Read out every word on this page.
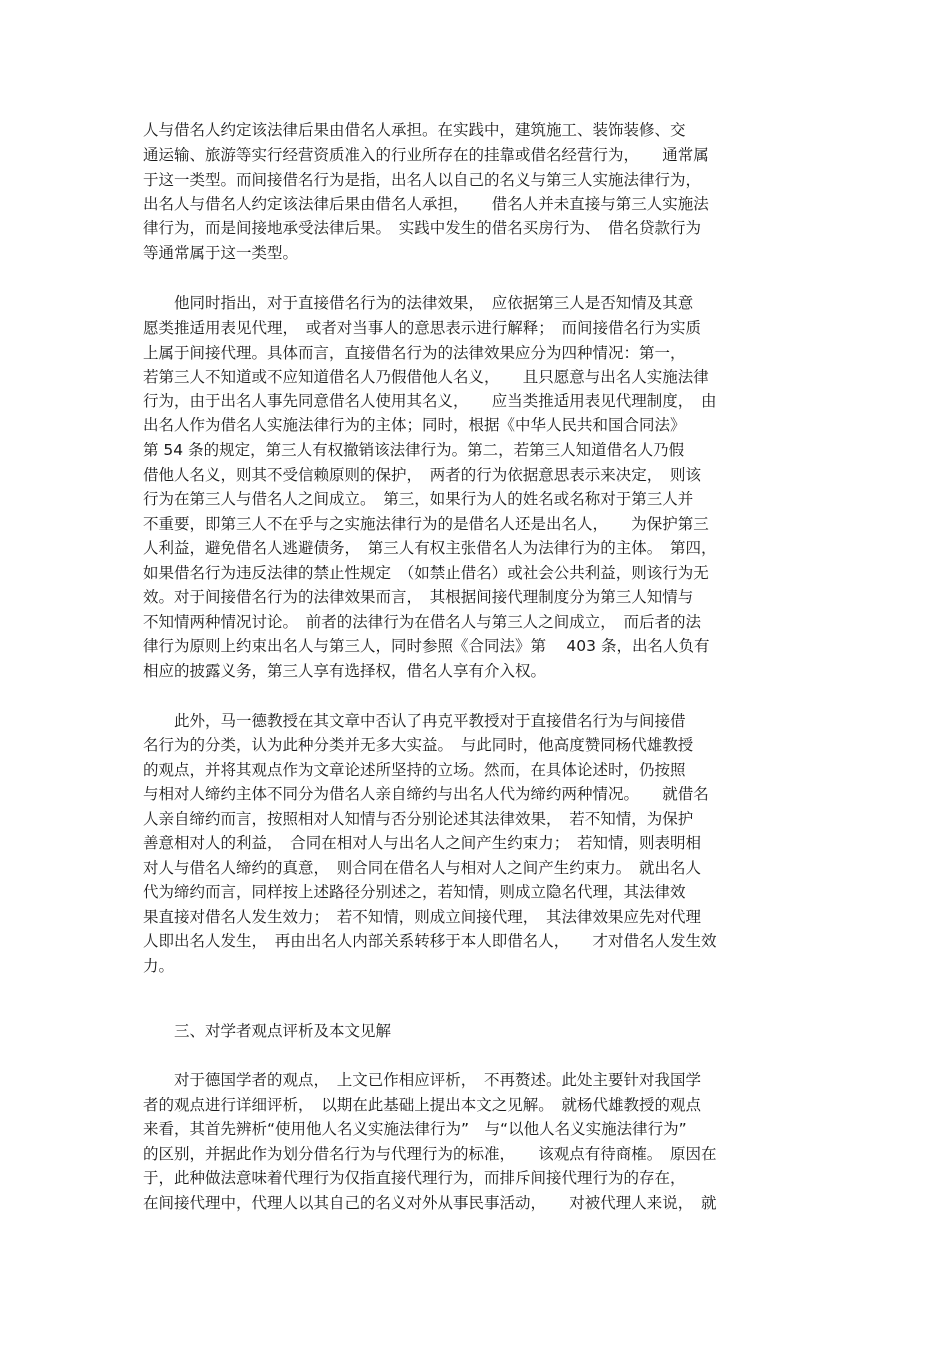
人与借名人约定该法律后果由借名人承担。在实践中，建筑施工、装饰装修、交
通运输、旅游等实行经营资质准入的行业所存在的挂靠或借名经营行为，　　通常属
于这一类型。而间接借名行为是指，出名人以自己的名义与第三人实施法律行为，
出名人与借名人约定该法律后果由借名人承担，　　借名人并未直接与第三人实施法
律行为，而是间接地承受法律后果。　实践中发生的借名买房行为、　借名贷款行为
等通常属于这一类型。
　　他同时指出，对于直接借名行为的法律效果，　应依据第三人是否知情及其意
愿类推适用表见代理，　或者对当事人的意思表示进行解释；　而间接借名行为实质
上属于间接代理。具体而言，直接借名行为的法律效果应分为四种情况：第一，
若第三人不知道或不应知道借名人乃假借他人名义，　　且只愿意与出名人实施法律
行为，由于出名人事先同意借名人使用其名义，　　应当类推适用表见代理制度，　由
出名人作为借名人实施法律行为的主体；同时，根据《中华人民共和国合同法》
第 54 条的规定，第三人有权撤销该法律行为。第二，若第三人知道借名人乃假
借他人名义，则其不受信赖原则的保护，　两者的行为依据意思表示来决定，　则该
行为在第三人与借名人之间成立。　第三，如果行为人的姓名或名称对于第三人并
不重要，即第三人不在乎与之实施法律行为的是借名人还是出名人，　　为保护第三
人利益，避免借名人逃避债务，　第三人有权主张借名人为法律行为的主体。　第四，
如果借名行为违反法律的禁止性规定　（如禁止借名）或社会公共利益，则该行为无
效。对于间接借名行为的法律效果而言，　其根据间接代理制度分为第三人知情与
不知情两种情况讨论。　前者的法律行为在借名人与第三人之间成立，　而后者的法
律行为原则上约束出名人与第三人，同时参照《合同法》第　 403 条，出名人负有
相应的披露义务，第三人享有选择权，借名人享有介入权。
　　此外，马一德教授在其文章中否认了冉克平教授对于直接借名行为与间接借
名行为的分类，认为此种分类并无多大实益。　与此同时，他高度赞同杨代雄教授
的观点，并将其观点作为文章论述所坚持的立场。然而，在具体论述时，仍按照
与相对人缔约主体不同分为借名人亲自缔约与出名人代为缔约两种情况。　　就借名
人亲自缔约而言，按照相对人知情与否分别论述其法律效果，　若不知情，为保护
善意相对人的利益，　合同在相对人与出名人之间产生约束力；　若知情，则表明相
对人与借名人缔约的真意，　则合同在借名人与相对人之间产生约束力。　就出名人
代为缔约而言，同样按上述路径分别述之，若知情，则成立隐名代理，其法律效
果直接对借名人发生效力；　若不知情，则成立间接代理，　其法律效果应先对代理
人即出名人发生，　再由出名人内部关系转移于本人即借名人，　　才对借名人发生效
力。
　　三、对学者观点评析及本文见解
　　对于德国学者的观点，　上文已作相应评析，　不再赘述。此处主要针对我国学
者的观点进行详细评析，　以期在此基础上提出本文之见解。　就杨代雄教授的观点
来看，其首先辨析“使用他人名义实施法律行为”　与“以他人名义实施法律行为”
的区别，并据此作为划分借名行为与代理行为的标准，　　该观点有待商榷。　原因在
于，此种做法意味着代理行为仅指直接代理行为，而排斥间接代理行为的存在，
在间接代理中，代理人以其自己的名义对外从事民事活动，　　对被代理人来说，　就
